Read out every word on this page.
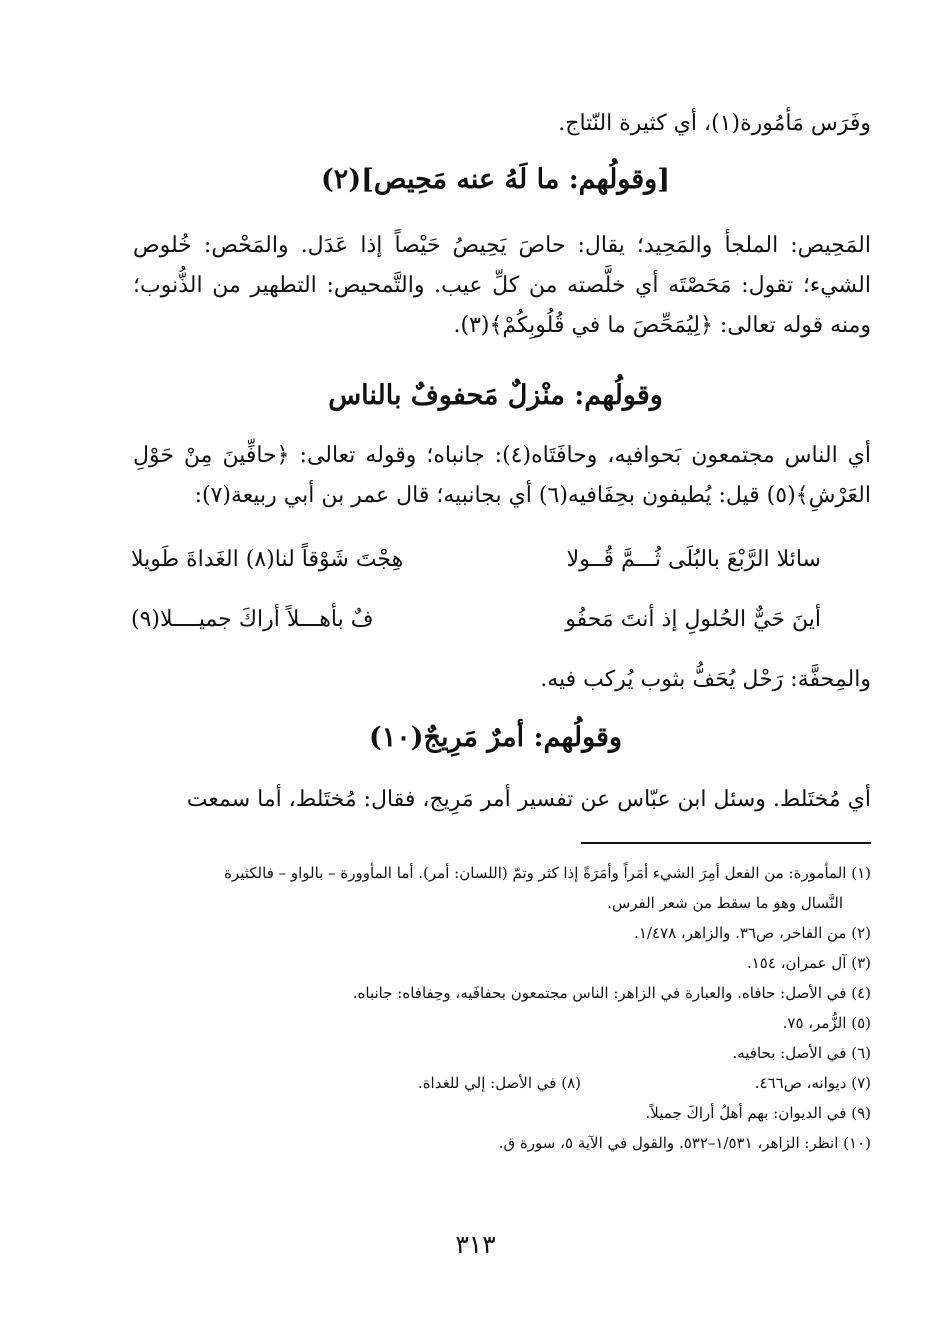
وفَرَس مَأمُورة(١)، أي كثيرة النّتاج.
[وقولُهم: ما لَهُ عنه مَحِيص](٢)
المَحِيص: الملجأ والمَحِيد؛ يقال: حاصَ يَحِيصُ حَيْصاً إذا عَدَل. والمَحْص: خُلوص الشيء؛ تقول: مَحَصْتَه أي خلَّصته من كلِّ عيب. والتَّمحيص: التطهير من الذُّنوب؛ ومنه قوله تعالى: ﴿لِيُمَحِّصَ ما في قُلُوبِكُمْ﴾(٣).
وقولُهم: منْزلٌ مَحفوفٌ بالناس
أي الناس مجتمعون بَحوافيه، وحافَتَاه(٤): جانباه؛ وقوله تعالى: ﴿حافِّينَ مِنْ حَوْلِ العَرْشِ﴾(٥) قيل: يُطيفون بحِفَافيه(٦) أي بجانبيه؛ قال عمر بن أبي ربيعة(٧):
سائلا الرَّبْعَ بالبُلَى ثُـــمَّ قُــولا
هِجْتَ شَوْقاً لنا(٨) الغَداةَ طَويلا
أينَ حَيٌّ الحُلولِ إذ أنتَ مَحفُو
فٌ بأهـــلاً أراكَ جميــــلا(٩)
والمِحفَّة: رَحْل يُحَفُّ بثوب يُركب فيه.
وقولُهم: أمرٌ مَرِيجٌ(١٠)
أي مُختَلط. وسئل ابن عبّاس عن تفسير أمر مَرِيج، فقال: مُختَلط، أما سمعت

(١) المأمورة: من الفعل أمِرَ الشيء أمَراً وأمَرَةً إذا كثر وتمّ (اللسان: أمر). أما المأوورة – بالواو – فالكثيرة

النَّسال وهو ما سقط من شعر الفرس.

(٢) من الفاخر، ص٣٦. والزاهر، ١/٤٧٨.

(٣) آل عمران، ١٥٤.

(٤) في الأصل: حافاه. والعبارة في الزاهر: الناس مجتمعون بحفافَيه، وحِفافاه: جانباه.

(٥) الزُّمر، ٧٥.

(٦) في الأصل: بحافيه.

(٧) ديوانه، ص٤٦٦.
(٨) في الأصل: إلي للغداة.

(٩) في الديوان: بهم أهلُ أراكَ جميلاً.

(١٠) انظر: الزاهر، ١/٥٣١–٥٣٢. والقول في الآية ٥، سورة ق.

٣١٣
